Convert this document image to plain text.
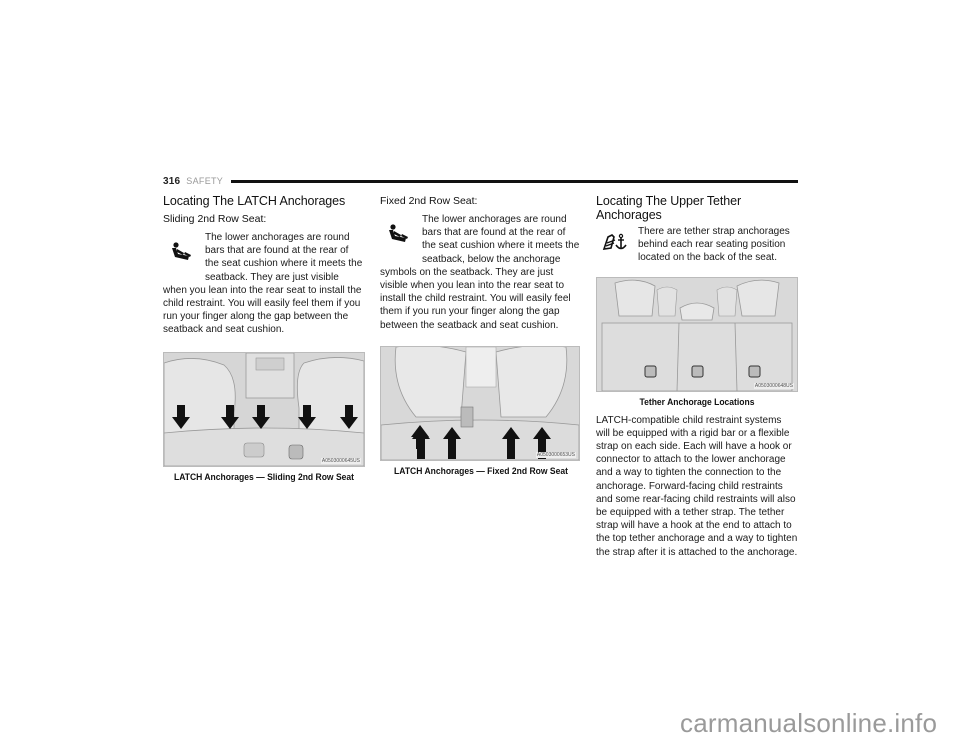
316 SAFETY
Locating The LATCH Anchorages
Sliding 2nd Row Seat:

The lower anchorages are round bars that are found at the rear of the seat cushion where it meets the seatback. They are just visible when you lean into the rear seat to install the child restraint. You will easily feel them if you run your finger along the gap between the seatback and seat cushion.

A0503000645US
LATCH Anchorages — Sliding 2nd Row Seat
Fixed 2nd Row Seat:

The lower anchorages are round bars that are found at the rear of the seat cushion where it meets the seatback, below the anchorage symbols on the seatback. They are just visible when you lean into the rear seat to install the child restraint. You will easily feel them if you run your finger along the gap between the seatback and seat cushion.

A0503000653US
LATCH Anchorages — Fixed 2nd Row Seat
Locating The Upper Tether Anchorages

There are tether strap anchorages behind each rear seating position located on the back of the seat.

A0503000648US
Tether Anchorage Locations

LATCH-compatible child restraint systems will be equipped with a rigid bar or a flexible strap on each side. Each will have a hook or connector to attach to the lower anchorage and a way to tighten the connection to the anchorage. Forward-facing child restraints and some rear-facing child restraints will also be equipped with a tether strap. The tether strap will have a hook at the end to attach to the top tether anchorage and a way to tighten the strap after it is attached to the anchorage.

carmanualsonline.info
